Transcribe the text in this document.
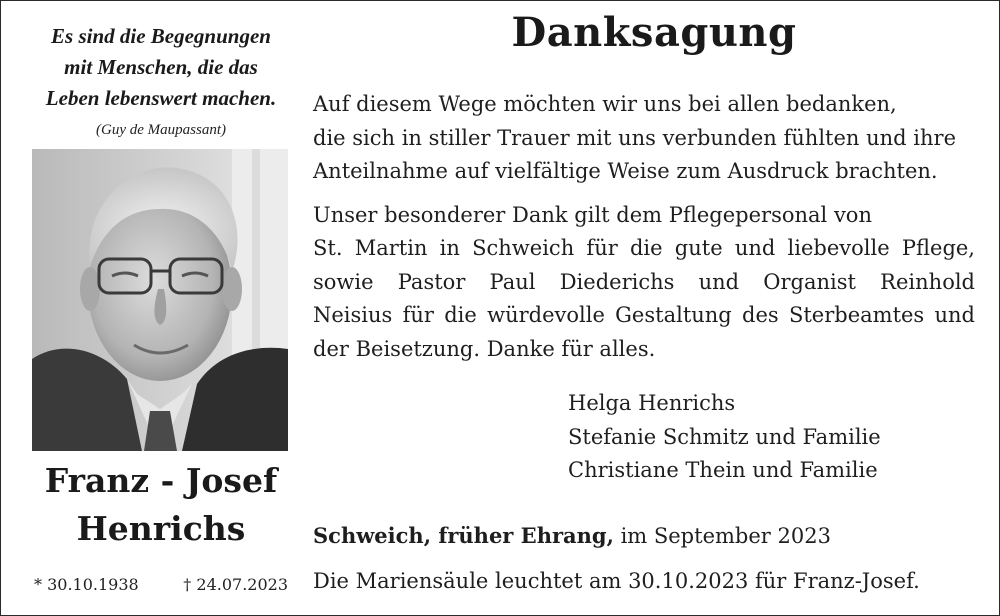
Es sind die Begegnungen
mit Menschen, die das
Leben lebenswert machen.
(Guy de Maupassant)
Franz - Josef
Henrichs
* 30.10.1938	† 24.07.2023
Danksagung
Auf diesem Wege möchten wir uns bei allen bedanken,
die sich in stiller Trauer mit uns verbunden fühlten und ihre
Anteilnahme auf vielfältige Weise zum Ausdruck brachten.
Unser besonderer Dank gilt dem Pflegepersonal von
St. Martin in Schweich für die gute und liebevolle Pflege,
sowie Pastor Paul Diederichs und Organist Reinhold
Neisius für die würdevolle Gestaltung des Sterbeamtes und
der Beisetzung. Danke für alles.
Helga Henrichs
Stefanie Schmitz und Familie
Christiane Thein und Familie
Schweich, früher Ehrang, im September 2023
Die Mariensäule leuchtet am 30.10.2023 für Franz-Josef.
